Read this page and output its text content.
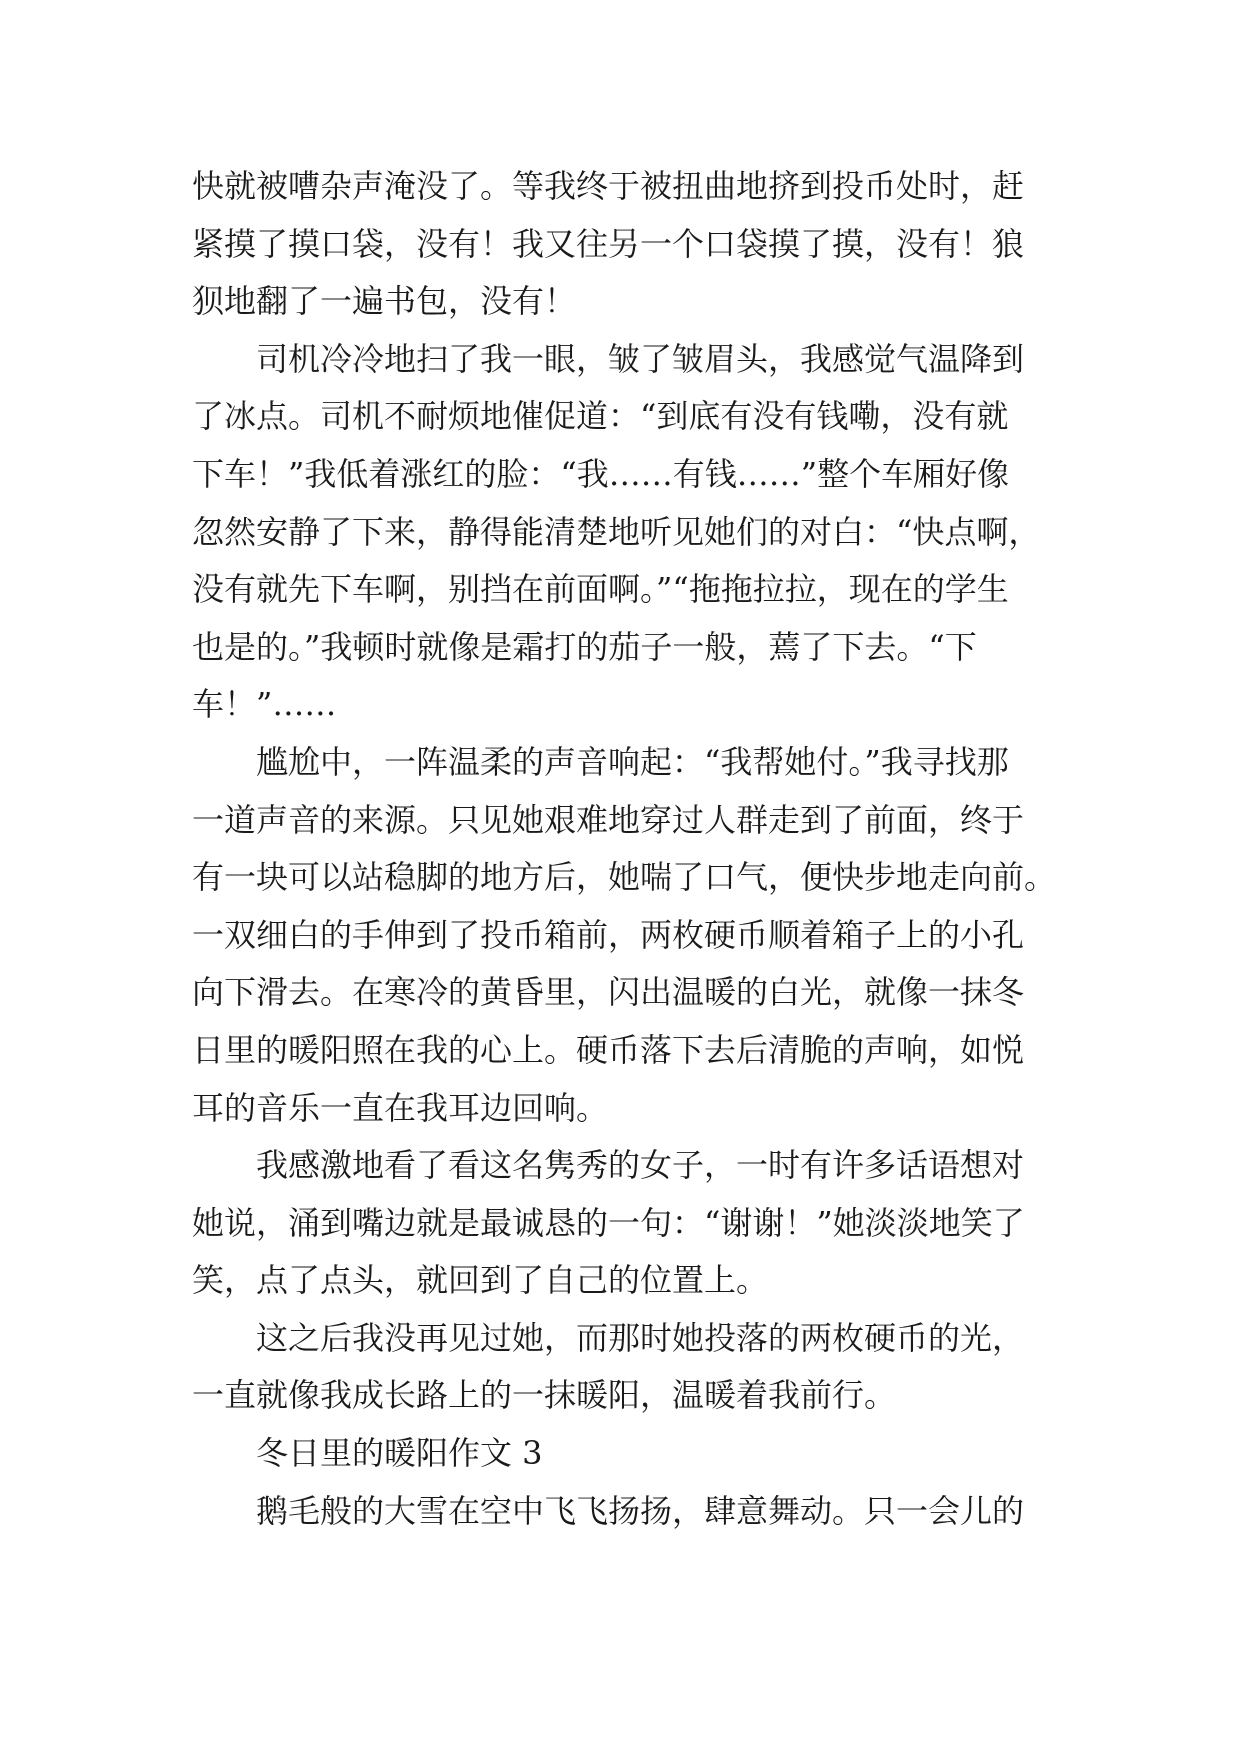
快就被嘈杂声淹没了。等我终于被扭曲地挤到投币处时，赶
紧摸了摸口袋，没有！我又往另一个口袋摸了摸，没有！狼
狈地翻了一遍书包，没有！
司机冷冷地扫了我一眼，皱了皱眉头，我感觉气温降到
了冰点。司机不耐烦地催促道：“到底有没有钱嘞，没有就
下车！”我低着涨红的脸：“我……有钱……”整个车厢好像
忽然安静了下来，静得能清楚地听见她们的对白：“快点啊，
没有就先下车啊，别挡在前面啊。”“拖拖拉拉，现在的学生
也是的。”我顿时就像是霜打的茄子一般，蔫了下去。“下
车！”……
尴尬中，一阵温柔的声音响起：“我帮她付。”我寻找那
一道声音的来源。只见她艰难地穿过人群走到了前面，终于
有一块可以站稳脚的地方后，她喘了口气，便快步地走向前。
一双细白的手伸到了投币箱前，两枚硬币顺着箱子上的小孔
向下滑去。在寒冷的黄昏里，闪出温暖的白光，就像一抹冬
日里的暖阳照在我的心上。硬币落下去后清脆的声响，如悦
耳的音乐一直在我耳边回响。
我感激地看了看这名隽秀的女子，一时有许多话语想对
她说，涌到嘴边就是最诚恳的一句：“谢谢！”她淡淡地笑了
笑，点了点头，就回到了自己的位置上。
这之后我没再见过她，而那时她投落的两枚硬币的光，
一直就像我成长路上的一抹暖阳，温暖着我前行。
冬日里的暖阳作文 3
鹅毛般的大雪在空中飞飞扬扬，肆意舞动。只一会儿的
